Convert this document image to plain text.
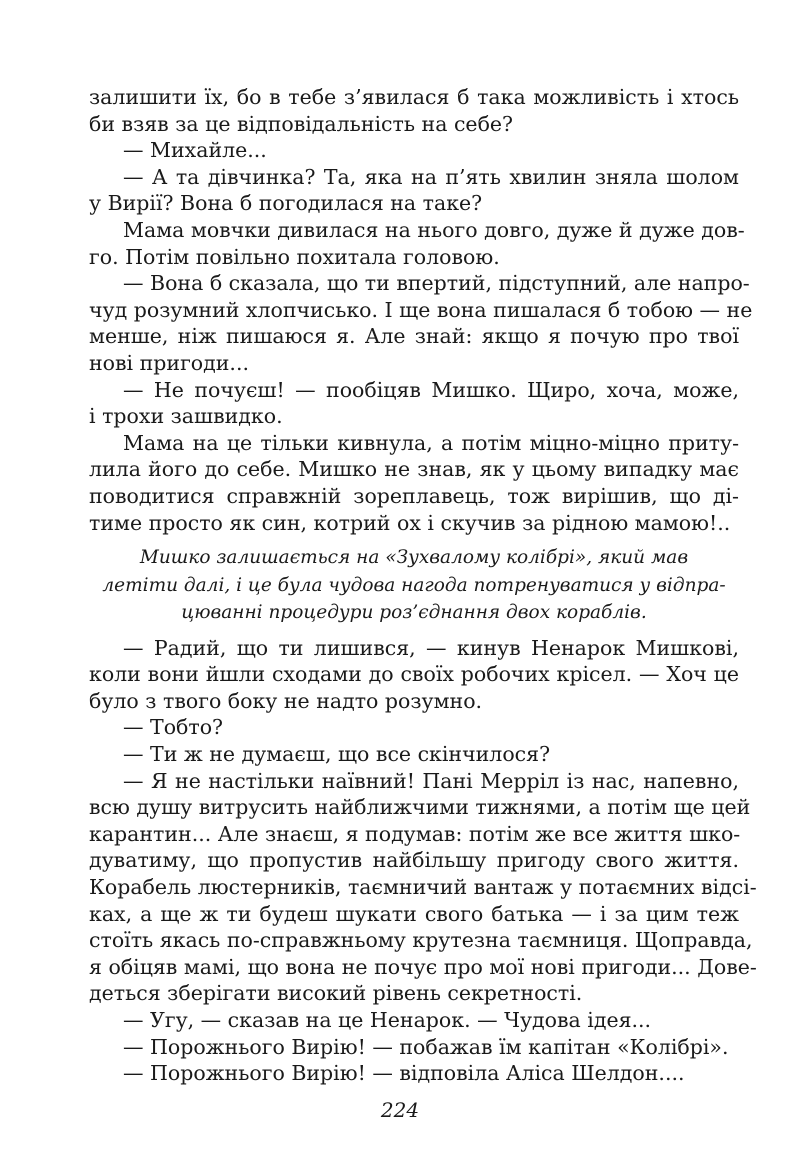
залишити їх, бо в тебе з’явилася б така можливість і хтось
би взяв за це відповідальність на себе?
— Михайле...
— А та дівчинка? Та, яка на п’ять хвилин зняла шолом
у Вирії? Вона б погодилася на таке?
Мама мовчки дивилася на нього довго, дуже й дуже дов-
го. Потім повільно похитала головою.
— Вона б сказала, що ти впертий, підступний, але напро-
чуд розумний хлопчисько. І ще вона пишалася б тобою — не
менше, ніж пишаюся я. Але знай: якщо я почую про твої
нові пригоди...
— Не почуєш! — пообіцяв Мишко. Щиро, хоча, може,
і трохи зашвидко.
Мама на це тільки кивнула, а потім міцно-міцно приту-
лила його до себе. Мишко не знав, як у цьому випадку має
поводитися справжній зореплавець, тож вирішив, що ді-
тиме просто як син, котрий ох і скучив за рідною мамою!..
Мишко залишається на «Зухвалому колібрі», який мав
летіти далі, і це була чудова нагода потренуватися у відпра-
цюванні процедури роз’єднання двох кораблів.
— Радий, що ти лишився, — кинув Ненарок Мишкові,
коли вони йшли сходами до своїх робочих крісел. — Хоч це
було з твого боку не надто розумно.
— Тобто?
— Ти ж не думаєш, що все скінчилося?
— Я не настільки наївний! Пані Меррiл із нас, напевно,
всю душу витрусить найближчими тижнями, а потім ще цей
карантин... Але знаєш, я подумав: потім же все життя шко-
дуватиму, що пропустив найбільшу пригоду свого життя.
Корабель люстерників, таємничий вантаж у потаємних відсі-
ках, а ще ж ти будеш шукати свого батька — і за цим теж
стоїть якась по-справжньому крутезна таємниця. Щоправда,
я обіцяв мамі, що вона не почує про мої нові пригоди... Дове-
деться зберігати високий рівень секретності.
— Угу, — сказав на це Ненарок. — Чудова ідея...
— Порожнього Вирію! — побажав їм капітан «Колібрі».
— Порожнього Вирію! — відповіла Аліса Шелдон....
224
